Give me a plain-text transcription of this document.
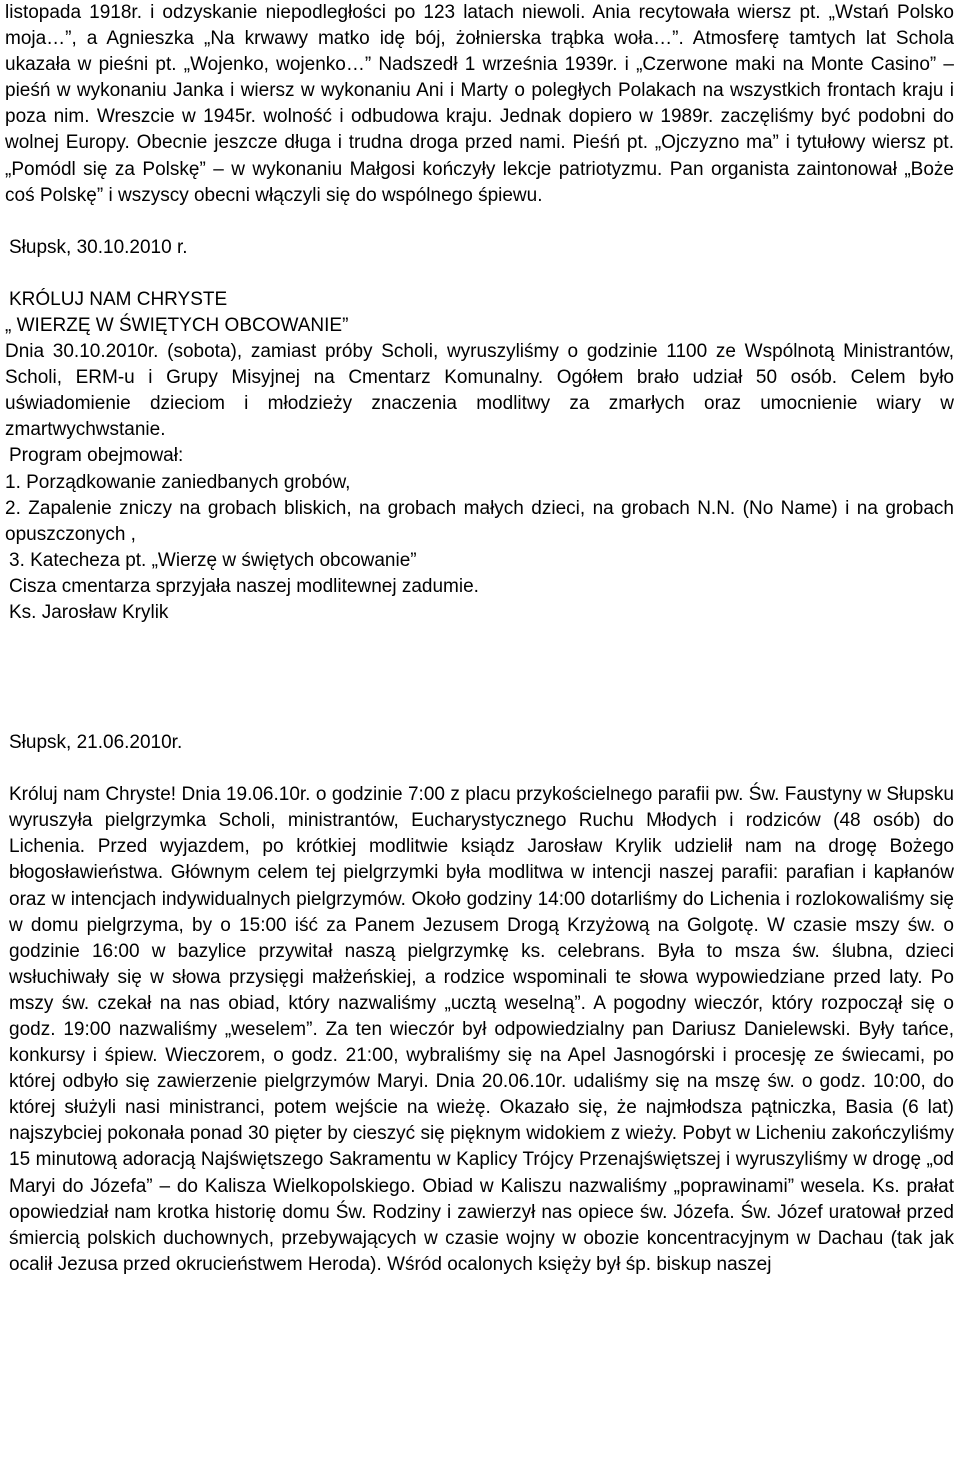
listopada 1918r. i odzyskanie niepodległości po 123 latach niewoli. Ania recytowała wiersz pt. „Wstań Polsko moja…”, a Agnieszka „Na krwawy matko idę bój, żołnierska trąbka woła…”. Atmosferę tamtych lat Schola ukazała w pieśni pt. „Wojenko, wojenko…” Nadszedł 1 września 1939r. i „Czerwone maki na Monte Casino” – pieśń w wykonaniu Janka i wiersz w wykonaniu Ani i Marty o poległych Polakach na wszystkich frontach kraju i poza nim. Wreszcie w 1945r. wolność i odbudowa kraju. Jednak dopiero w 1989r. zaczęliśmy być podobni do wolnej Europy. Obecnie jeszcze długa i trudna droga przed nami. Pieśń pt. „Ojczyzno ma” i tytułowy wiersz pt. „Pomódl się za Polskę” – w wykonaniu Małgosi kończyły lekcje patriotyzmu. Pan organista zaintonował „Boże coś Polskę” i wszyscy obecni włączyli się do wspólnego śpiewu.

Słupsk, 30.10.2010 r.

KRÓLUJ NAM CHRYSTE

„ WIERZĘ W ŚWIĘTYCH OBCOWANIE”

Dnia 30.10.2010r. (sobota), zamiast próby Scholi, wyruszyliśmy o godzinie 1100 ze Wspólnotą Ministrantów, Scholi, ERM-u i Grupy Misyjnej na Cmentarz Komunalny. Ogółem brało udział 50 osób. Celem było uświadomienie dzieciom i młodzieży znaczenia modlitwy za zmarłych oraz umocnienie wiary w zmartwychwstanie.

Program obejmował:

1. Porządkowanie zaniedbanych grobów,

2. Zapalenie zniczy na grobach bliskich, na grobach małych dzieci, na grobach N.N. (No Name) i na grobach opuszczonych ,

3. Katecheza pt. „Wierzę w świętych obcowanie”

Cisza cmentarza sprzyjała naszej modlitewnej zadumie.

Ks. Jarosław Krylik

Słupsk, 21.06.2010r.

Króluj nam Chryste! Dnia 19.06.10r. o godzinie 7:00 z placu przykościelnego parafii pw. Św. Faustyny w Słupsku wyruszyła pielgrzymka Scholi, ministrantów, Eucharystycznego Ruchu Młodych i rodziców (48 osób) do Lichenia. Przed wyjazdem, po krótkiej modlitwie ksiądz Jarosław Krylik udzielił nam na drogę Bożego błogosławieństwa. Głównym celem tej pielgrzymki była modlitwa w intencji naszej parafii: parafian i kapłanów oraz w intencjach indywidualnych pielgrzymów. Około godziny 14:00 dotarliśmy do Lichenia i rozlokowaliśmy się w domu pielgrzyma, by o 15:00 iść za Panem Jezusem Drogą Krzyżową na Golgotę. W czasie mszy św. o godzinie 16:00 w bazylice przywitał naszą pielgrzymkę ks. celebrans. Była to msza św. ślubna, dzieci wsłuchiwały się w słowa przysięgi małżeńskiej, a rodzice wspominali te słowa wypowiedziane przed laty. Po mszy św. czekał na nas obiad, który nazwaliśmy „ucztą weselną”. A pogodny wieczór, który rozpoczął się o godz. 19:00 nazwaliśmy „weselem”. Za ten wieczór był odpowiedzialny pan Dariusz Danielewski. Były tańce, konkursy i śpiew. Wieczorem, o godz. 21:00, wybraliśmy się na Apel Jasnogórski i procesję ze świecami, po której odbyło się zawierzenie pielgrzymów Maryi. Dnia 20.06.10r. udaliśmy się na mszę św. o godz. 10:00, do której służyli nasi ministranci, potem wejście na wieżę. Okazało się, że najmłodsza pątniczka, Basia (6 lat) najszybciej pokonała ponad 30 pięter by cieszyć się pięknym widokiem z wieży. Pobyt w Licheniu zakończyliśmy 15 minutową adoracją Najświętszego Sakramentu w Kaplicy Trójcy Przenajświętszej i wyruszyliśmy w drogę „od Maryi do Józefa” – do Kalisza Wielkopolskiego. Obiad w Kaliszu nazwaliśmy „poprawinami” wesela. Ks. prałat opowiedział nam krotka historię domu Św. Rodziny i zawierzył nas opiece św. Józefa. Św. Józef uratował przed śmiercią polskich duchownych, przebywających w czasie wojny w obozie koncentracyjnym w Dachau (tak jak ocalił Jezusa przed okrucieństwem Heroda). Wśród ocalonych księży był śp. biskup naszej
